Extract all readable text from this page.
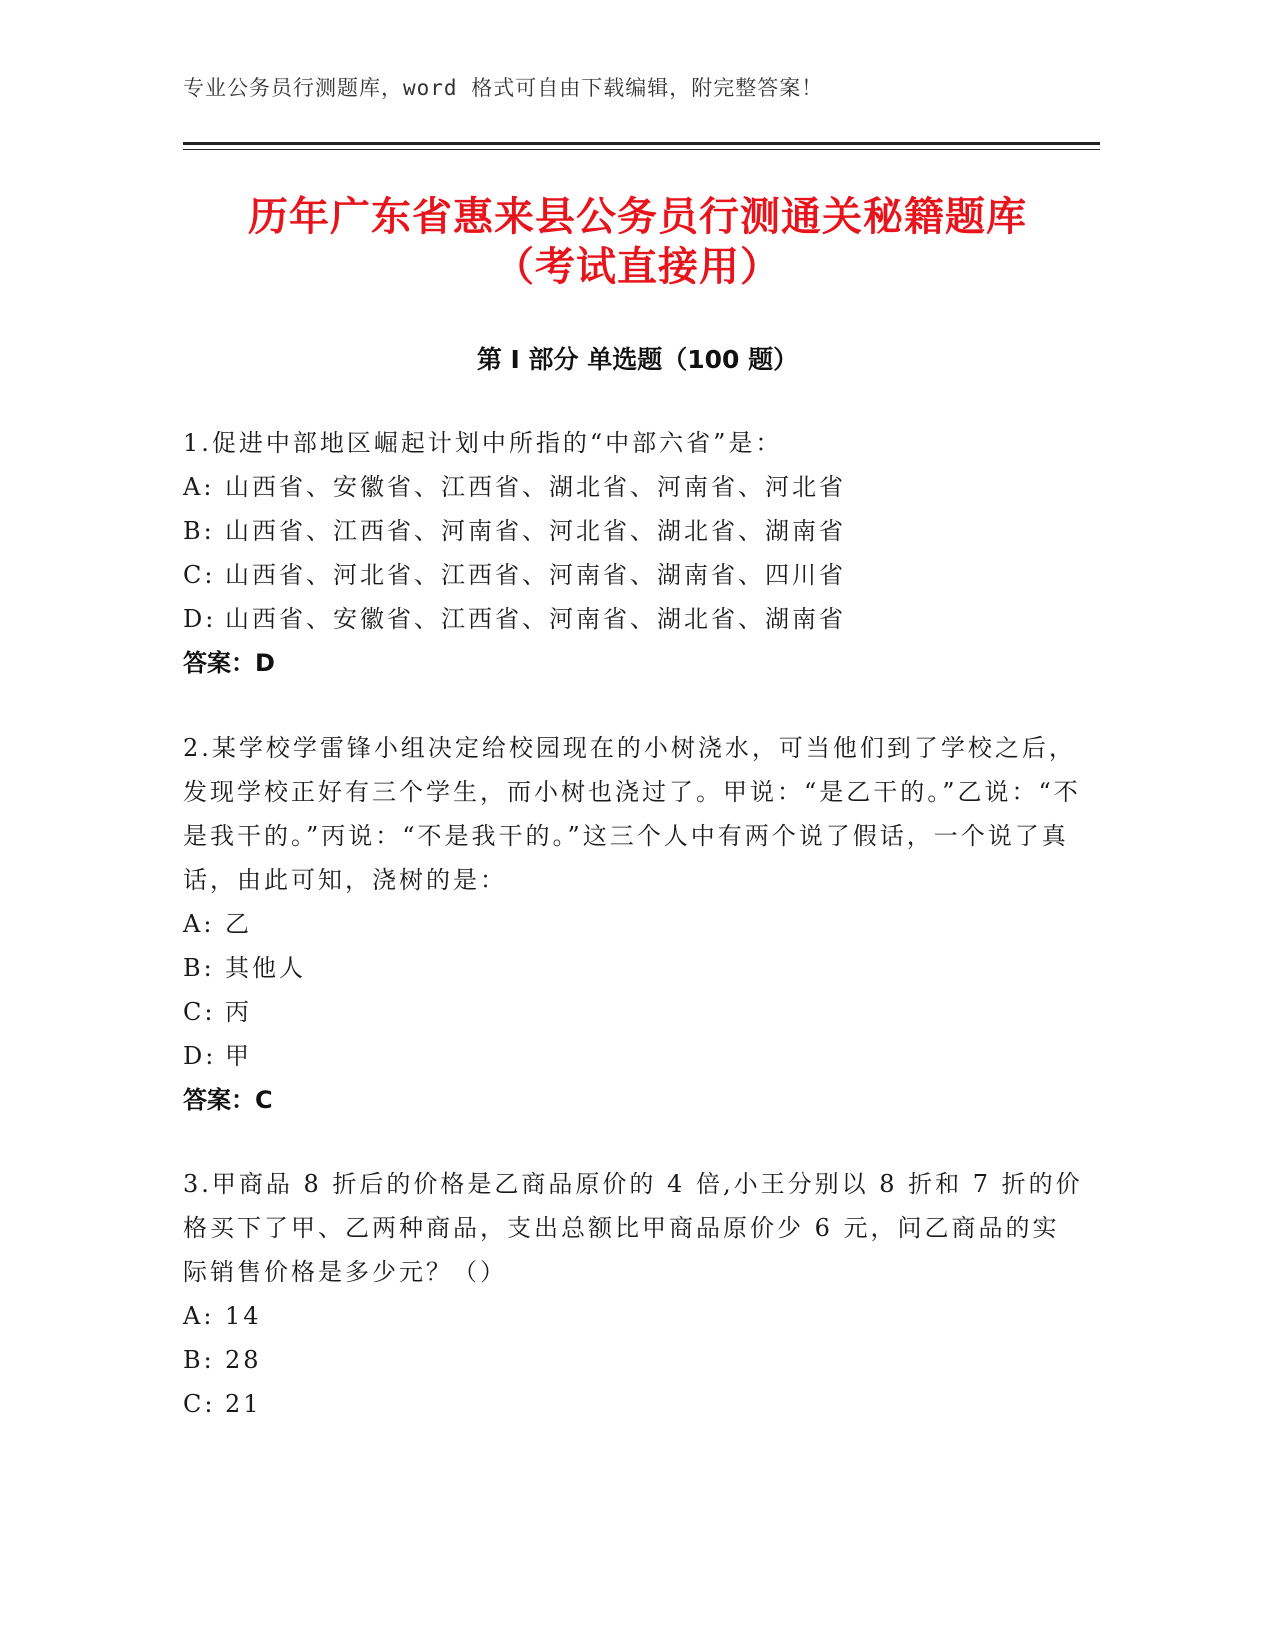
专业公务员行测题库，word 格式可自由下载编辑，附完整答案！
历年广东省惠来县公务员行测通关秘籍题库
（考试直接用）
第 I 部分 单选题（100 题）
1.促进中部地区崛起计划中所指的“中部六省”是：
A: 山西省、安徽省、江西省、湖北省、河南省、河北省
B: 山西省、江西省、河南省、河北省、湖北省、湖南省
C: 山西省、河北省、江西省、河南省、湖南省、四川省
D: 山西省、安徽省、江西省、河南省、湖北省、湖南省
答案：D
2.某学校学雷锋小组决定给校园现在的小树浇水，可当他们到了学校之后，发现学校正好有三个学生，而小树也浇过了。甲说：“是乙干的。”乙说：“不是我干的。”丙说：“不是我干的。”这三个人中有两个说了假话，一个说了真话，由此可知，浇树的是：
A: 乙
B: 其他人
C: 丙
D: 甲
答案：C
3.甲商品 8 折后的价格是乙商品原价的 4 倍,小王分别以 8 折和 7 折的价格买下了甲、乙两种商品，支出总额比甲商品原价少 6 元，问乙商品的实际销售价格是多少元？（）
A: 14
B: 28
C: 21
